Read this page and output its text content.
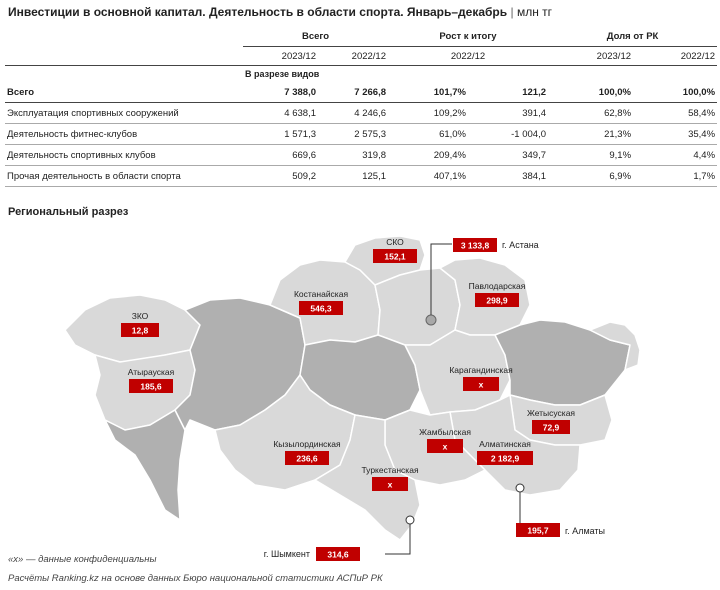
Инвестиции в основной капитал. Деятельность в области спорта. Январь–декабрь | млн тг
	Всего		Рост к итогу		Доля от РК	
	2023/12	2022/12	2022/12		2023/12	2022/12
	В разрезе видов					
Всего	7 388,0	7 266,8	101,7%	121,2	100,0%	100,0%
Эксплуатация спортивных сооружений	4 638,1	4 246,6	109,2%	391,4	62,8%	58,4%
Деятельность фитнес-клубов	1 571,3	2 575,3	61,0%	-1 004,0	21,3%	35,4%
Деятельность спортивных клубов	669,6	319,8	209,4%	349,7	9,1%	4,4%
Прочая деятельность в области спорта	509,2	125,1	407,1%	384,1	6,9%	1,7%
Региональный разрез
СКО
152,1
Павлодарская
298,9
Костанайская
546,3
ЗКО
12,8
Атырауская
185,6
Карагандинская
x
Жетысуская
72,9
Кызылординская
236,6
Жамбылская
x	Алматинская
2 182,9
Туркестанская
x
3 133,8 г. Астана
195,7 г. Алматы
314,6
г. Шымкент
«x» — данные конфиденциальны
Расчёты Ranking.kz на основе данных Бюро национальной статистики АСПиР РК
